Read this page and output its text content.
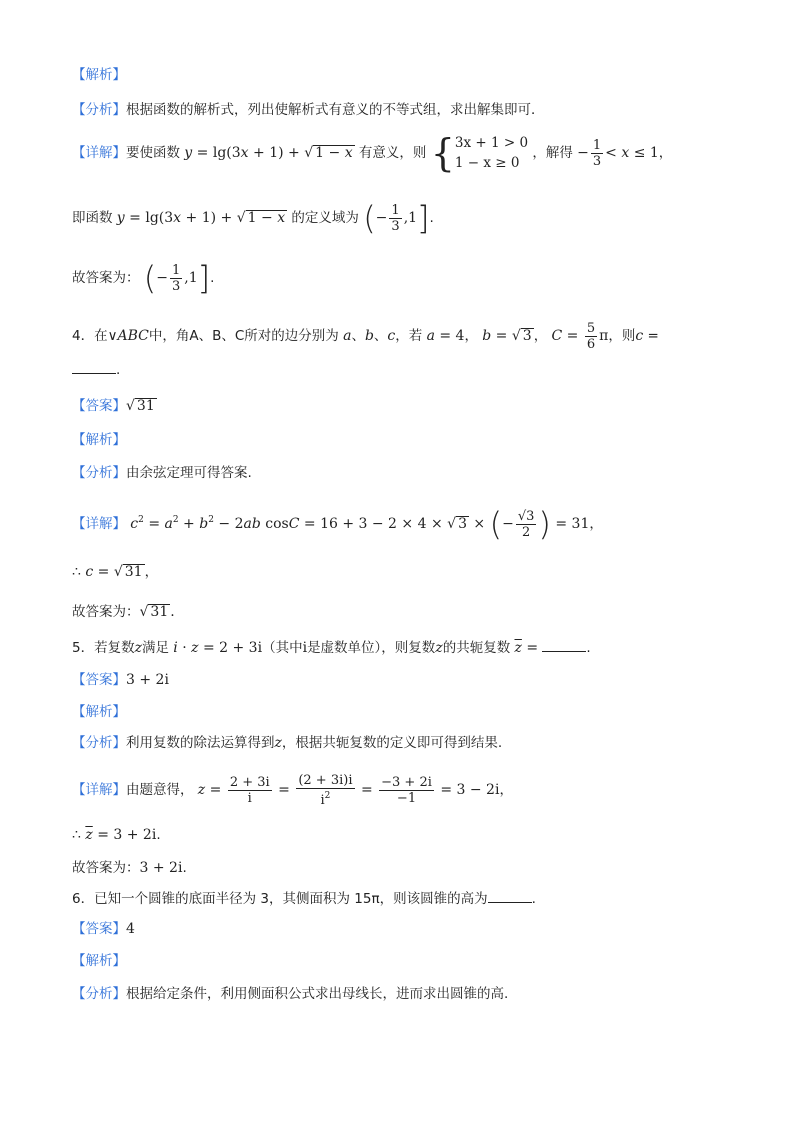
【解析】
【分析】根据函数的解析式，列出使解析式有意义的不等式组，求出解集即可．
【详解】要使函数 y = lg(3x + 1) + √ 1 − x 有意义，则 { 3x + 1 > 0
1 − x ≥ 0
，解得 − $\frac{1}{3} < x \le 1$，
即函数 y = lg(3x + 1) + √ 1 − x 的定义域为 (− $\frac{1}{3} ,1$].
故答案为： (− $\frac{1}{3} ,1$].
4．在∨ABC中，角A、B、C所对的边分别为 a、b、c，若 a = 4， b = √ 3 ， $C = \frac{5}{6}$ π，则c =
.
【答案】 √ 31
【解析】
【分析】由余弦定理可得答案.
【详解】 $c^2 = a^2 + b^2 - 2ab$ cosC = 16 + 3 − 2 × 4 × √ 3 × (− √ $\frac{3}{2}$ ) = 31，
∴ c = √ 31 ，
故答案为： √ 31 .
5．若复数z满足 i · z = 2 + 3i（其中i是虚数单位），则复数z的共轭复数 $\overline{z}$ =	.
【答案】3 + 2i
【解析】
【分析】利用复数的除法运算得到z，根据共轭复数的定义即可得到结果.
【详解】由题意得， $z = \frac{2 + 3i}{i} = \frac{(2 + 3i)i}{i^2} = \frac{-3 + 2i}{-1} = 3 - 2i$，
∴ $\overline{z} = 3 + 2i$.
故答案为：3 + 2i.
6．已知一个圆锥的底面半径为 3，其侧面积为 15π，则该圆锥的高为	.
【答案】4
【解析】
【分析】根据给定条件，利用侧面积公式求出母线长，进而求出圆锥的高.
